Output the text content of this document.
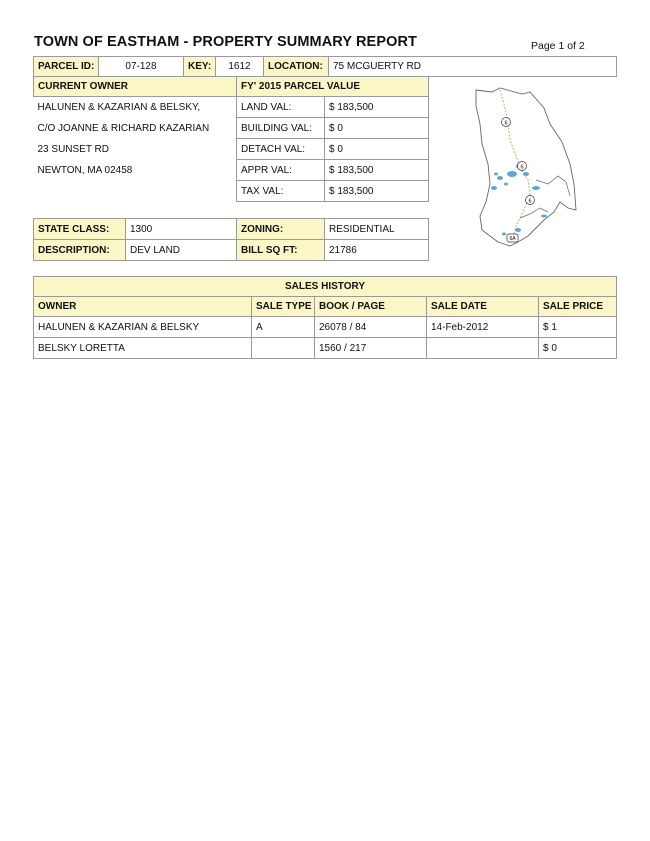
TOWN OF EASTHAM - PROPERTY SUMMARY REPORT	Page 1 of 2
PARCEL ID:	07-128	KEY:	1612	LOCATION:	75 MCGUERTY RD
CURRENT OWNER	FY' 2015 PARCEL VALUE	
HALUNEN & KAZARIAN & BELSKY,	LAND VAL:	$ 183,500
C/O JOANNE & RICHARD KAZARIAN	BUILDING VAL:	$ 0
23 SUNSET RD	DETACH VAL:	$ 0
NEWTON, MA 02458	APPR VAL:	$ 183,500
	TAX VAL:	$ 183,500
STATE CLASS:	1300	ZONING:	RESIDENTIAL
DESCRIPTION:	DEV LAND	BILL SQ FT:	21786
SALES HISTORY				
OWNER	SALE TYPE	BOOK / PAGE	SALE DATE	SALE PRICE
HALUNEN & KAZARIAN & BELSKY	A	26078 / 84	14-Feb-2012	$ 1
BELSKY LORETTA		1560 / 217		$ 0
6
6
6
6A
